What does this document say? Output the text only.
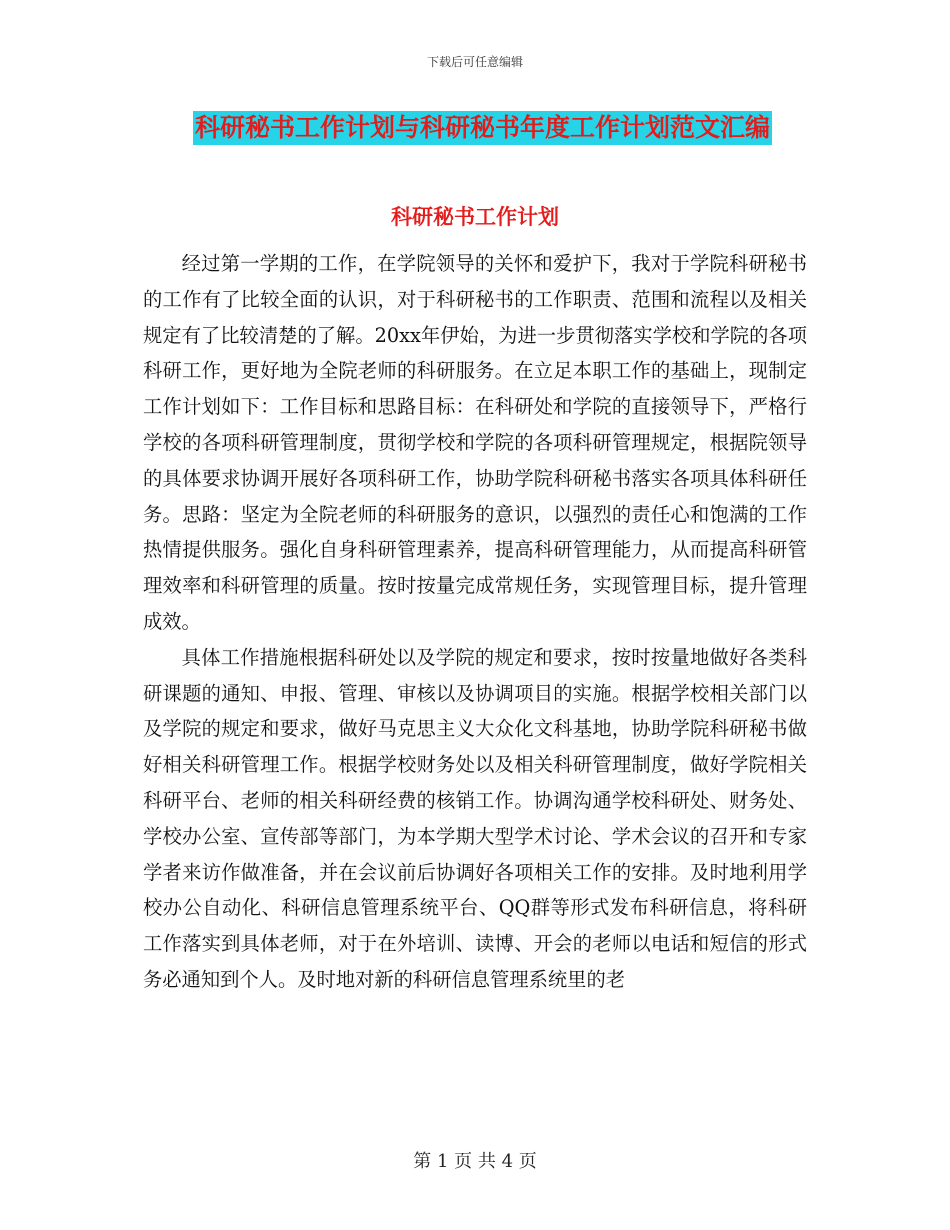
下载后可任意编辑
科研秘书工作计划与科研秘书年度工作计划范文汇编
科研秘书工作计划

经过第一学期的工作，在学院领导的关怀和爱护下，我对于学院科研秘书的工作有了比较全面的认识，对于科研秘书的工作职责、范围和流程以及相关规定有了比较清楚的了解。20xx年伊始，为进一步贯彻落实学校和学院的各项科研工作，更好地为全院老师的科研服务。在立足本职工作的基础上，现制定工作计划如下：工作目标和思路目标：在科研处和学院的直接领导下，严格行学校的各项科研管理制度，贯彻学校和学院的各项科研管理规定，根据院领导的具体要求协调开展好各项科研工作，协助学院科研秘书落实各项具体科研任务。思路：坚定为全院老师的科研服务的意识，以强烈的责任心和饱满的工作热情提供服务。强化自身科研管理素养，提高科研管理能力，从而提高科研管理效率和科研管理的质量。按时按量完成常规任务，实现管理目标，提升管理成效。

具体工作措施根据科研处以及学院的规定和要求，按时按量地做好各类科研课题的通知、申报、管理、审核以及协调项目的实施。根据学校相关部门以及学院的规定和要求，做好马克思主义大众化文科基地，协助学院科研秘书做好相关科研管理工作。根据学校财务处以及相关科研管理制度，做好学院相关科研平台、老师的相关科研经费的核销工作。协调沟通学校科研处、财务处、学校办公室、宣传部等部门，为本学期大型学术讨论、学术会议的召开和专家学者来访作做准备，并在会议前后协调好各项相关工作的安排。及时地利用学校办公自动化、科研信息管理系统平台、QQ群等形式发布科研信息，将科研工作落实到具体老师，对于在外培训、读博、开会的老师以电话和短信的形式务必通知到个人。及时地对新的科研信息管理系统里的老

第 1 页 共 4 页
